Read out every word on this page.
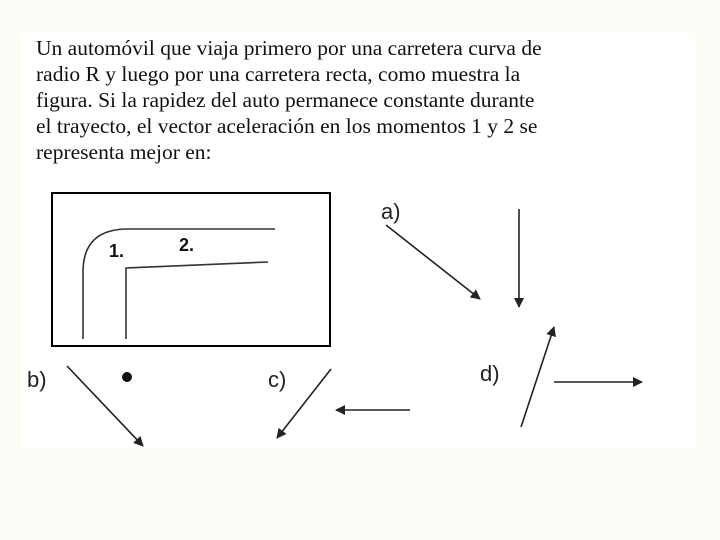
Un automóvil que viaja primero por una carretera curva de
radio R y luego por una carretera recta, como muestra la
figura. Si la rapidez del auto permanece constante durante
el trayecto, el vector aceleración en los momentos 1 y 2 se
representa mejor en:

1.	2.
a)
b)	c)	d)
